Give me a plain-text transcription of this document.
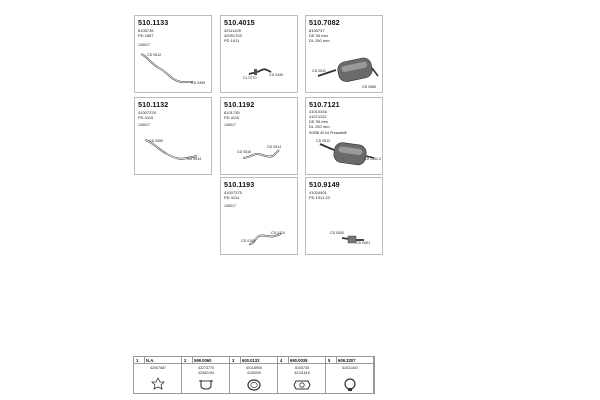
510.1133
8105736
PD 1857
145017
CD 0512
CD 0495
510.4015
42111109
42091703
PD 1911
CL 0770
CD 0440
510.7082
8105737
DE 55 mm
DL 250 mm
CD 0511
CD 0585
510.1132
41007378
PD 4115
145017
CD 0050
CD 0514
510.1192
8101735
PD 4110
145017
CD 0510
CD 0514
510.7121
41010346
41071122
DE 55 mm
DL 250 mm
SOBB 40 04 Pressabilit
CD 0512
CD 2102.2
510.1193
41007375
PD 4114
145017
CD 0103
CD 0110
510.9149
41024401
PD 1911.23
CD 0000
CD 0001
1 N.A.
42007587
2 599.0060
42273770
42082194
3 600.0133
40118900
4100009
4 690.0039
8105735
42111616
5 609.3207
41021401
